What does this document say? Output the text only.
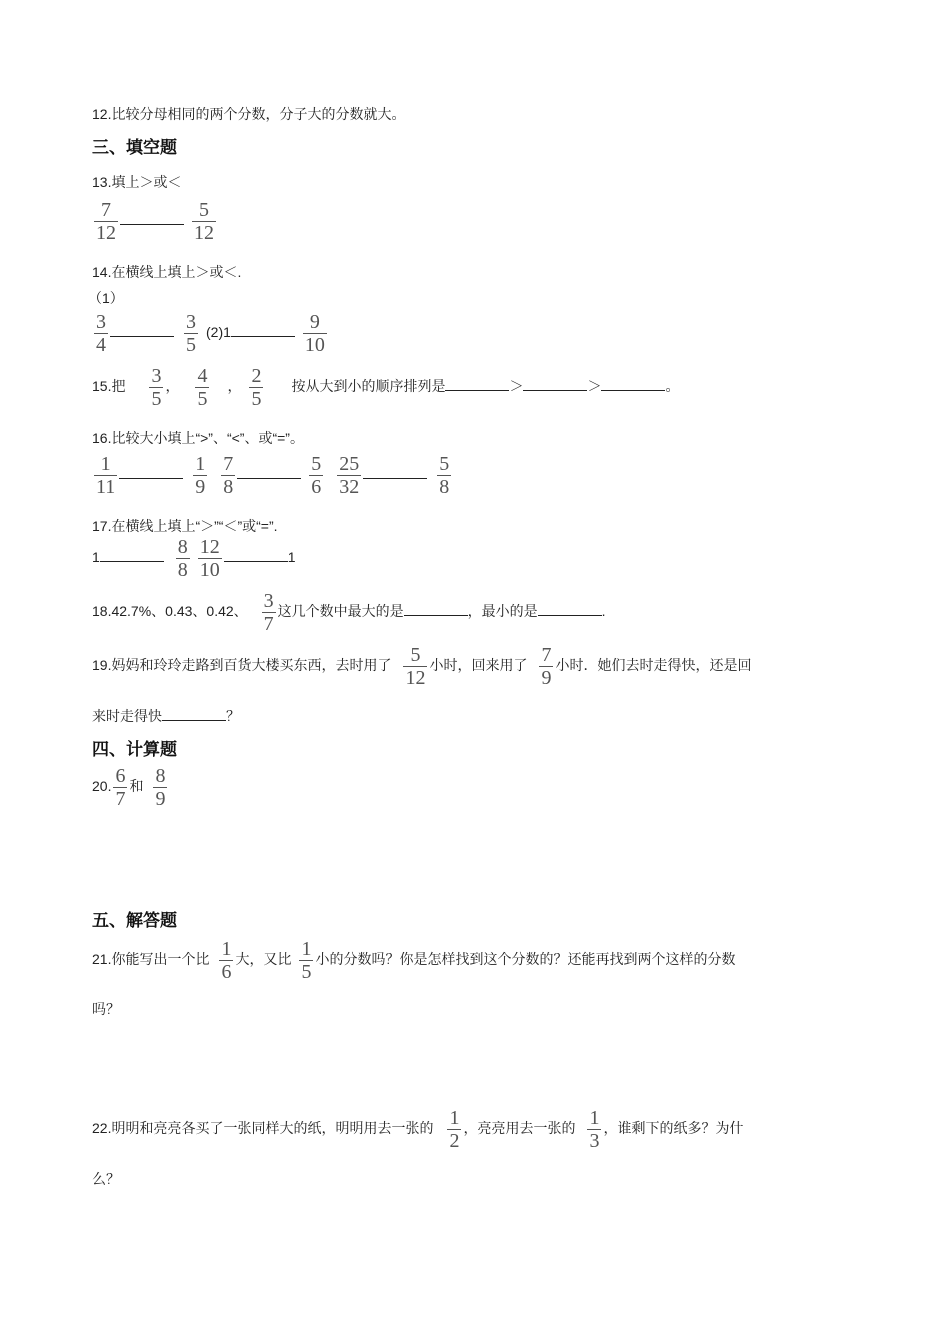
12.比较分母相同的两个分数，分子大的分数就大。
三、填空题
13.填上＞或＜
$\frac{7}{12}$	$\frac{5}{12}$
14.在横线上填上＞或＜.
（1）
$\frac{3}{4}$	$\frac{3}{5} (2)1$	$\frac{9}{10}$
15.把 $\frac{3}{5}$ ， $\frac{4}{5}$ ， $\frac{2}{5}$ 按从大到小的顺序排列是	＞	＞	。
16.比较大小填上“>”、“<”、或“=”。
$\frac{1}{11}$	$\frac{1}{9} \frac{7}{8}$	$\frac{5}{6} \frac{25}{32}$	$\frac{5}{8}$
17.在横线上填上“＞”“＜”或“=”.
1	$\frac{8}{8} \frac{12}{10}$	1
18.42.7%、0.43、0.42、 $\frac{3}{7}$ 这几个数中最大的是	，最小的是	.
19.妈妈和玲玲走路到百货大楼买东西，去时用了 $\frac{5}{12}$ 小时，回来用了 $\frac{7}{9}$ 小时．她们去时走得快，还是回
来时走得快	？
四、计算题
20. $\frac{6}{7}$ 和 $\frac{8}{9}$
五、解答题
21.你能写出一个比 $\frac{1}{6}$ 大，又比 $\frac{1}{5}$ 小的分数吗？你是怎样找到这个分数的？还能再找到两个这样的分数
吗？
22.明明和亮亮各买了一张同样大的纸，明明用去一张的 $\frac{1}{2}$ ，亮亮用去一张的 $\frac{1}{3}$ ，谁剩下的纸多？为什
么？
